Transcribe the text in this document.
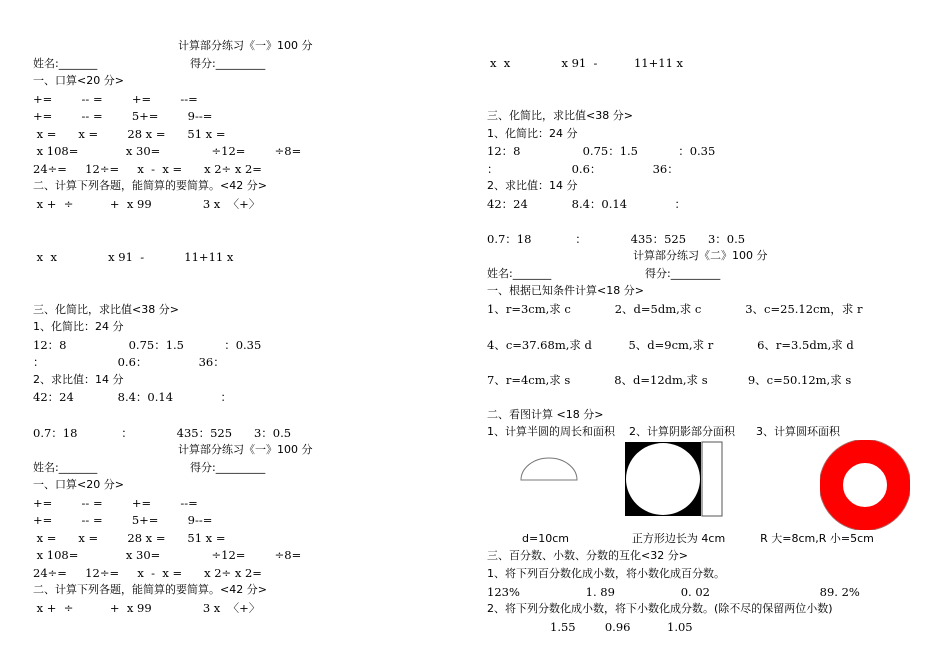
计算部分练习《一》100 分
姓名:_______	得分:_________
一、口算<20 分>
+=        -- =        +=        --=
+=        -- =        5+=        9--=
x =      x =        28 x =      51 x =
x 108=             x 30=              ÷12=        ÷8=
24÷=     12÷=     x  -  x =      x 2÷ x 2=
二、计算下列各题，能简算的要简算。<42 分>
x +  ÷          +  x 99              3 x  〈+〉
x  x              x 91  -           11+11 x
三、化简比，求比值<38 分>
1、化简比：24 分
12：8                 0.75：1.5           ：0.35
：                    0.6：              36：
2、求比值：14 分
42：24            8.4：0.14             ：
0.7：18            ：            435：525      3：0.5
计算部分练习《一》100 分
姓名:_______	得分:_________
一、口算<20 分>
+=        -- =        +=        --=
+=        -- =        5+=        9--=
x =      x =        28 x =      51 x =
x 108=             x 30=              ÷12=        ÷8=
24÷=     12÷=     x  -  x =      x 2÷ x 2=
二、计算下列各题，能简算的要简算。<42 分>
x +  ÷          +  x 99              3 x  〈+〉
x  x              x 91  -          11+11 x
三、化简比，求比值<38 分>
1、化简比：24 分
12：8                 0.75：1.5           ：0.35
：                    0.6：              36：
2、求比值：14 分
42：24            8.4：0.14             ：
0.7：18            ：            435：525      3：0.5
计算部分练习《二》100 分
姓名:_______	得分:_________
一、根据已知条件计算<18 分>
1、r=3cm,求 c            2、d=5dm,求 c            3、c=25.12cm，求 r
4、c=37.68m,求 d          5、d=9cm,求 r            6、r=3.5dm,求 d
7、r=4cm,求 s            8、d=12dm,求 s           9、c=50.12m,求 s
二、看图计算 <18 分>
1、计算半圆的周长和面积    2、计算阴影部分面积      3、计算圆环面积
d=10cm                  正方形边长为 4cm          R 大=8cm,R 小=5cm
三、百分数、小数、分数的互化<32 分>
1、将下列百分数化成小数，将小数化成百分数。
123%                  1. 89                  0. 02                              89. 2%
2、将下列分数化成小数，将下小数化成分数。(除不尽的保留两位小数)
1.55        0.96          1.05
